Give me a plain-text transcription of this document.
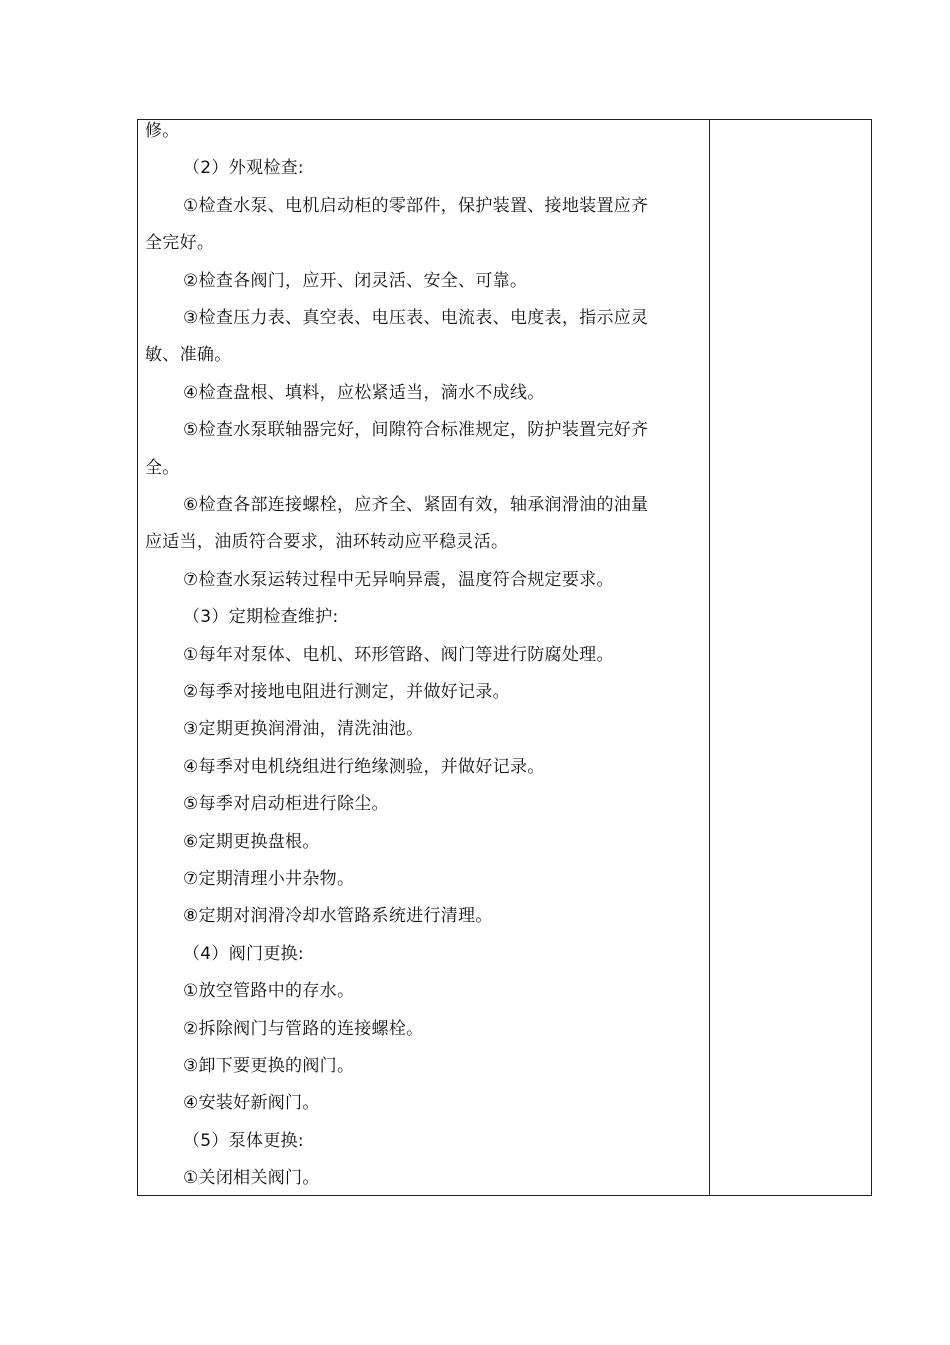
修。
（2）外观检查:
①检查水泵、电机启动柜的零部件，保护装置、接地装置应齐
全完好。
②检查各阀门，应开、闭灵活、安全、可靠。
③检查压力表、真空表、电压表、电流表、电度表，指示应灵
敏、准确。
④检查盘根、填料，应松紧适当，滴水不成线。
⑤检查水泵联轴器完好，间隙符合标准规定，防护装置完好齐
全。
⑥检查各部连接螺栓，应齐全、紧固有效，轴承润滑油的油量
应适当，油质符合要求，油环转动应平稳灵活。
⑦检查水泵运转过程中无异响异震，温度符合规定要求。
（3）定期检查维护:
①每年对泵体、电机、环形管路、阀门等进行防腐处理。
②每季对接地电阻进行测定，并做好记录。
③定期更换润滑油，清洗油池。
④每季对电机绕组进行绝缘测验，并做好记录。
⑤每季对启动柜进行除尘。
⑥定期更换盘根。
⑦定期清理小井杂物。
⑧定期对润滑冷却水管路系统进行清理。
（4）阀门更换:
①放空管路中的存水。
②拆除阀门与管路的连接螺栓。
③卸下要更换的阀门。
④安装好新阀门。
（5）泵体更换:
①关闭相关阀门。
